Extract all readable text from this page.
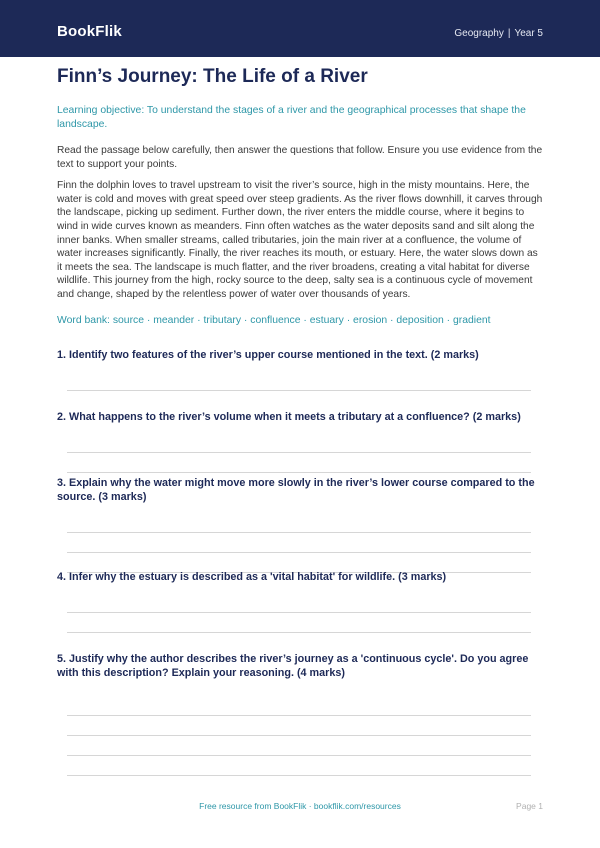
BookFlik	Geography | Year 5
Finn’s Journey: The Life of a River
Learning objective: To understand the stages of a river and the geographical processes that shape the landscape.
Read the passage below carefully, then answer the questions that follow. Ensure you use evidence from the text to support your points.
Finn the dolphin loves to travel upstream to visit the river’s source, high in the misty mountains. Here, the water is cold and moves with great speed over steep gradients. As the river flows downhill, it carves through the landscape, picking up sediment. Further down, the river enters the middle course, where it begins to wind in wide curves known as meanders. Finn often watches as the water deposits sand and silt along the inner banks. When smaller streams, called tributaries, join the main river at a confluence, the volume of water increases significantly. Finally, the river reaches its mouth, or estuary. Here, the water slows down as it meets the sea. The landscape is much flatter, and the river broadens, creating a vital habitat for diverse wildlife. This journey from the high, rocky source to the deep, salty sea is a continuous cycle of movement and change, shaped by the relentless power of water over thousands of years.
Word bank: source · meander · tributary · confluence · estuary · erosion · deposition · gradient
1. Identify two features of the river’s upper course mentioned in the text. (2 marks)
2. What happens to the river’s volume when it meets a tributary at a confluence? (2 marks)
3. Explain why the water might move more slowly in the river’s lower course compared to the source. (3 marks)
4. Infer why the estuary is described as a 'vital habitat' for wildlife. (3 marks)
5. Justify why the author describes the river’s journey as a 'continuous cycle'. Do you agree with this description? Explain your reasoning. (4 marks)
Free resource from BookFlik · bookflik.com/resources	Page 1
